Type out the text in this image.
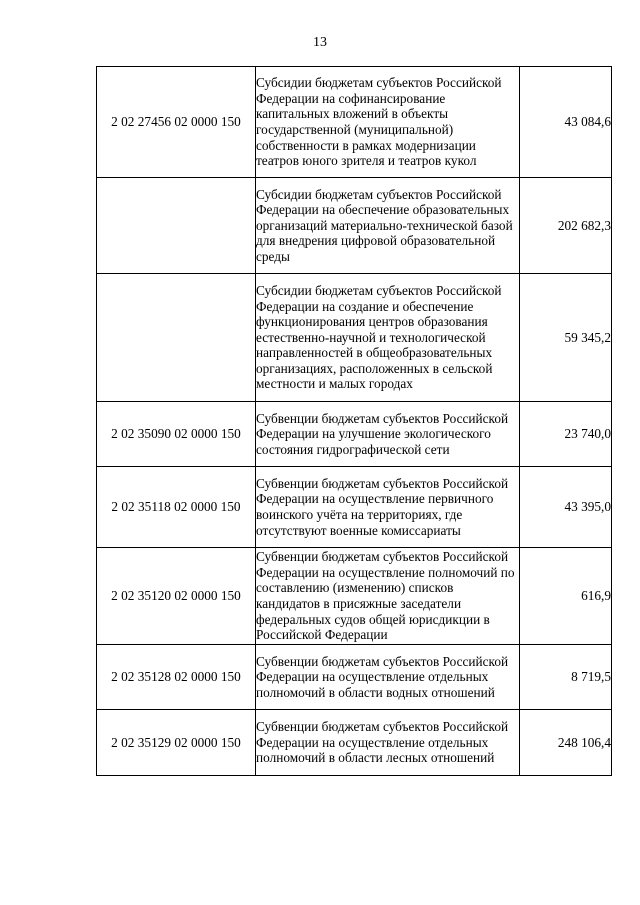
13
2 02 27456 02 0000 150	Субсидии бюджетам субъектов Российской Федерации на софинансирование капитальных вложений в объекты государственной (муниципальной) собственности в рамках модернизации театров юного зрителя и театров кукол	43 084,6
	Субсидии бюджетам субъектов Российской Федерации на обеспечение образовательных организаций материально-технической базой для внедрения цифровой образовательной среды	202 682,3
	Субсидии бюджетам субъектов Российской Федерации на создание и обеспечение функционирования центров образования естественно-научной и технологической направленностей в общеобразовательных организациях, расположенных в сельской местности и малых городах	59 345,2
2 02 35090 02 0000 150	Субвенции бюджетам субъектов Российской Федерации на улучшение экологического состояния гидрографической сети	23 740,0
2 02 35118 02 0000 150	Субвенции бюджетам субъектов Российской Федерации на осуществление первичного воинского учёта на территориях, где отсутствуют военные комиссариаты	43 395,0
2 02 35120 02 0000 150	Субвенции бюджетам субъектов Российской Федерации на осуществление полномочий по составлению (изменению) списков кандидатов в присяжные заседатели федеральных судов общей юрисдикции в Российской Федерации	616,9
2 02 35128 02 0000 150	Субвенции бюджетам субъектов Российской Федерации на осуществление отдельных полномочий в области водных отношений	8 719,5
2 02 35129 02 0000 150	Субвенции бюджетам субъектов Российской Федерации на осуществление отдельных полномочий в области лесных отношений	248 106,4
